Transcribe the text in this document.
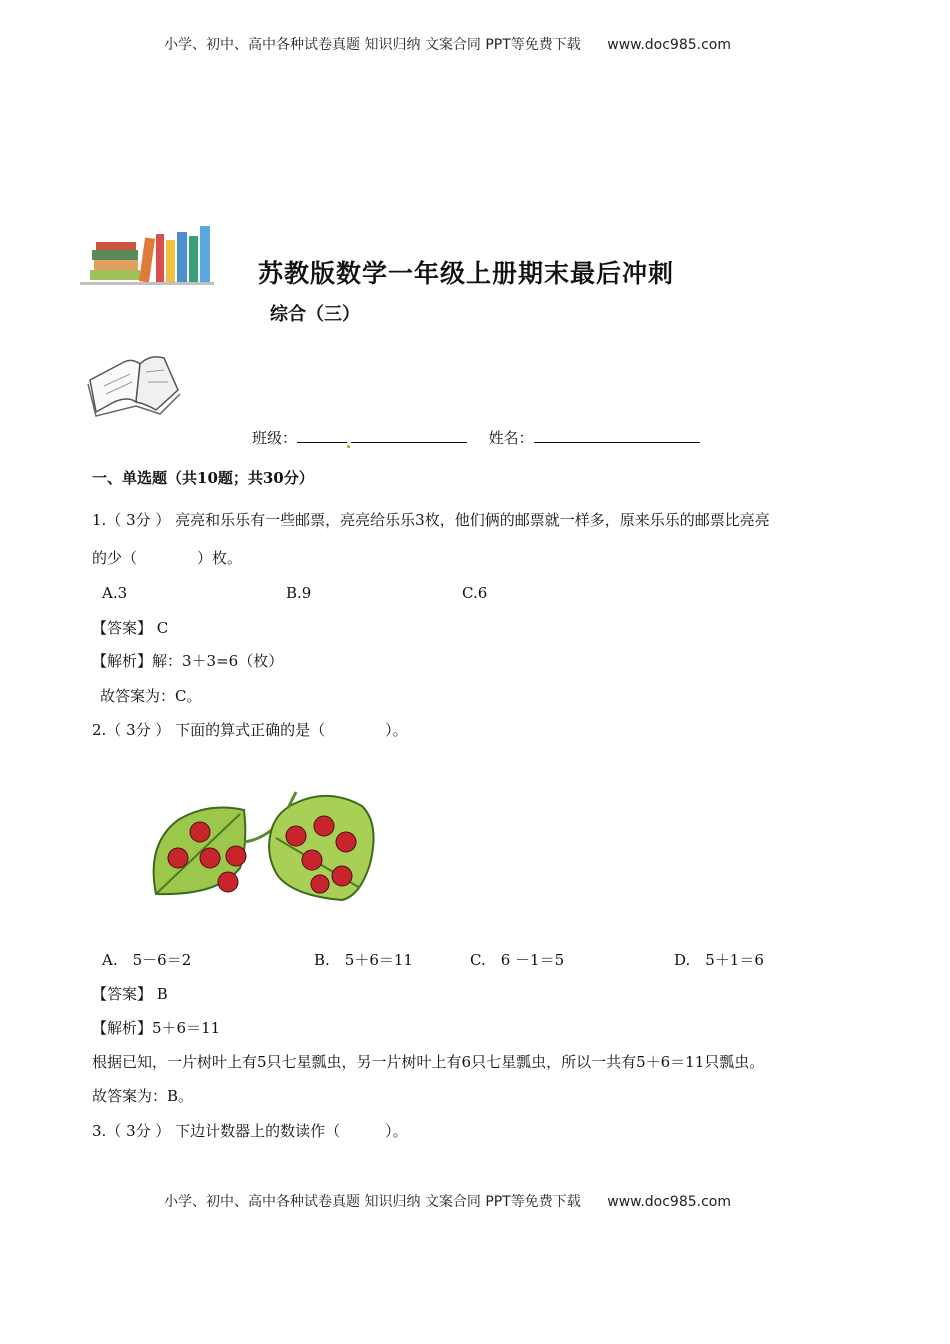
小学、初中、高中各种试卷真题 知识归纳 文案合同 PPT等免费下载 www.doc985.com
苏教版数学一年级上册期末最后冲刺
综合（三）
班级：	姓名：
一、单选题（共10题；共30分）
1.（ 3分 ） 亮亮和乐乐有一些邮票，亮亮给乐乐3枚，他们俩的邮票就一样多，原来乐乐的邮票比亮亮
的少（　　　　）枚。
A.3	B.9	C.6
【答案】 C
【解析】解：3＋3=6（枚）
故答案为：C。
2.（ 3分 ） 下面的算式正确的是（　　　　）。
A.　5－6＝2	B.　5＋6＝11	C.　6 －1＝5	D.　5＋1＝6
【答案】 B
【解析】5＋6＝11
根据已知，一片树叶上有5只七星瓢虫，另一片树叶上有6只七星瓢虫，所以一共有5＋6＝11只瓢虫。
故答案为：B。
3.（ 3分 ） 下边计数器上的数读作（　　　）。
小学、初中、高中各种试卷真题 知识归纳 文案合同 PPT等免费下载 www.doc985.com
